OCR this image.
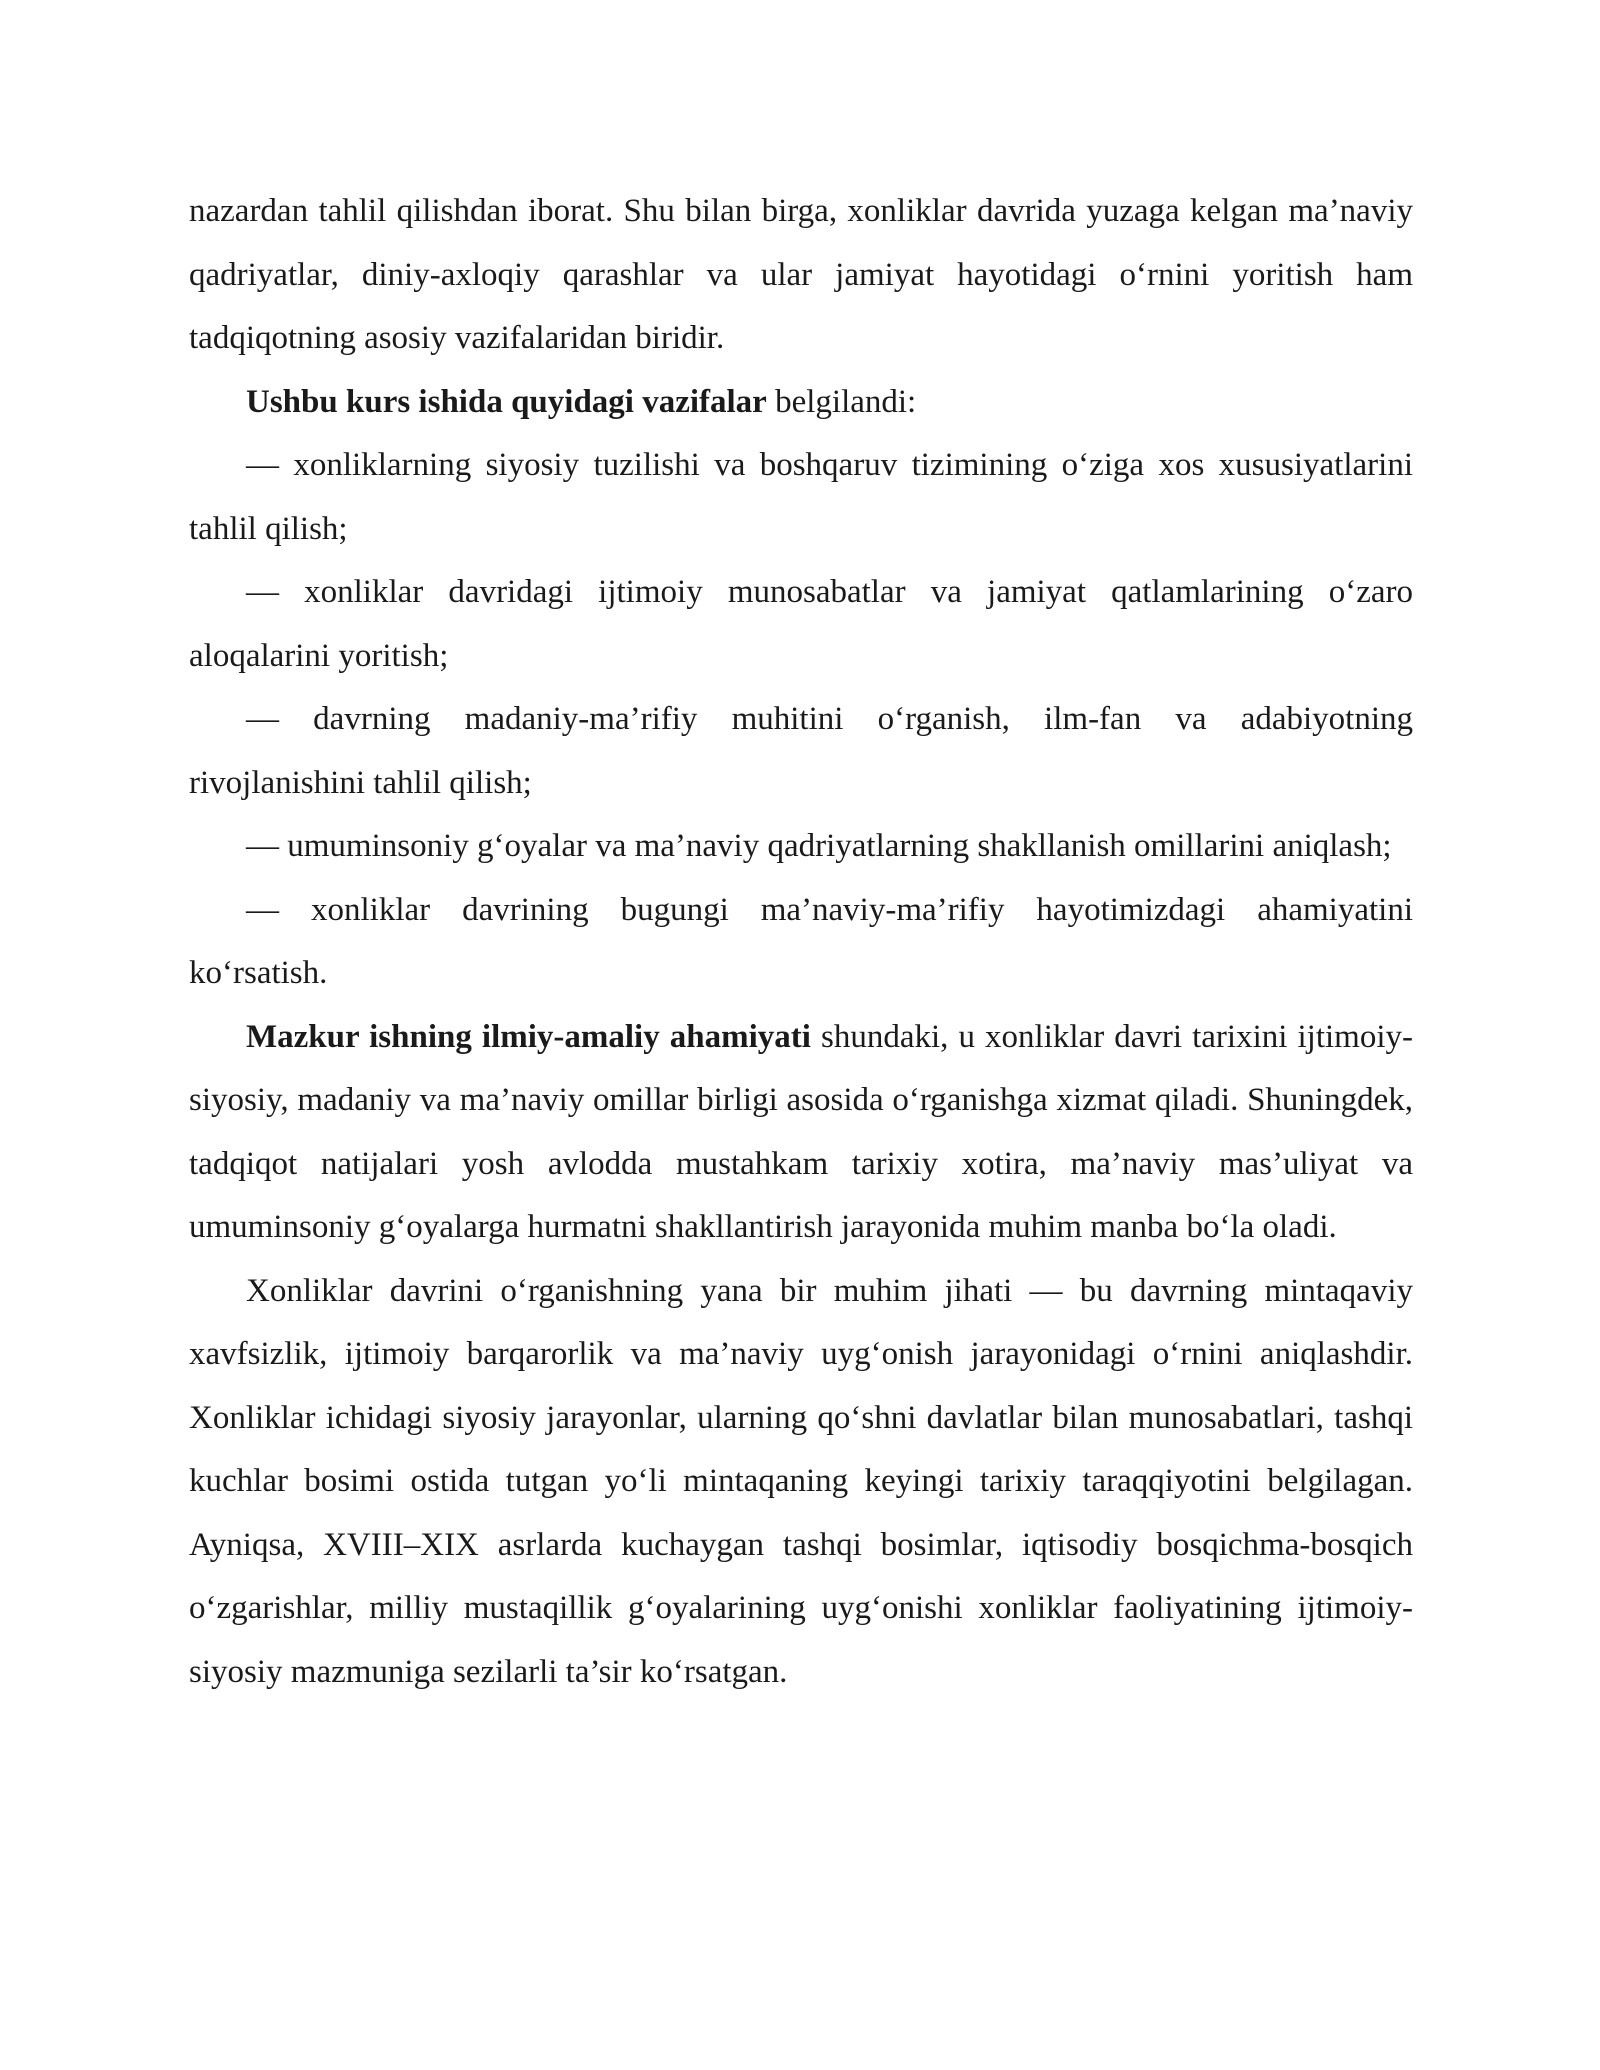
nazardan tahlil qilishdan iborat. Shu bilan birga, xonliklar davrida yuzaga kelgan ma’naviy qadriyatlar, diniy-axloqiy qarashlar va ular jamiyat hayotidagi o‘rnini yoritish ham tadqiqotning asosiy vazifalaridan biridir.

Ushbu kurs ishida quyidagi vazifalar belgilandi:

— xonliklarning siyosiy tuzilishi va boshqaruv tizimining o‘ziga xos xususiyatlarini tahlil qilish;

— xonliklar davridagi ijtimoiy munosabatlar va jamiyat qatlamlarining o‘zaro aloqalarini yoritish;

— davrning madaniy-ma’rifiy muhitini o‘rganish, ilm-fan va adabiyotning rivojlanishini tahlil qilish;

— umuminsoniy g‘oyalar va ma’naviy qadriyatlarning shakllanish omillarini aniqlash;

— xonliklar davrining bugungi ma’naviy-ma’rifiy hayotimizdagi ahamiyatini ko‘rsatish.

Mazkur ishning ilmiy-amaliy ahamiyati shundaki, u xonliklar davri tarixini ijtimoiy-siyosiy, madaniy va ma’naviy omillar birligi asosida o‘rganishga xizmat qiladi. Shuningdek, tadqiqot natijalari yosh avlodda mustahkam tarixiy xotira, ma’naviy mas’uliyat va umuminsoniy g‘oyalarga hurmatni shakllantirish jarayonida muhim manba bo‘la oladi.

Xonliklar davrini o‘rganishning yana bir muhim jihati — bu davrning mintaqaviy xavfsizlik, ijtimoiy barqarorlik va ma’naviy uyg‘onish jarayonidagi o‘rnini aniqlashdir. Xonliklar ichidagi siyosiy jarayonlar, ularning qo‘shni davlatlar bilan munosabatlari, tashqi kuchlar bosimi ostida tutgan yo‘li mintaqaning keyingi tarixiy taraqqiyotini belgilagan. Ayniqsa, XVIII–XIX asrlarda kuchaygan tashqi bosimlar, iqtisodiy bosqichma-bosqich o‘zgarishlar, milliy mustaqillik g‘oyalarining uyg‘onishi xonliklar faoliyatining ijtimoiy-siyosiy mazmuniga sezilarli ta’sir ko‘rsatgan.
